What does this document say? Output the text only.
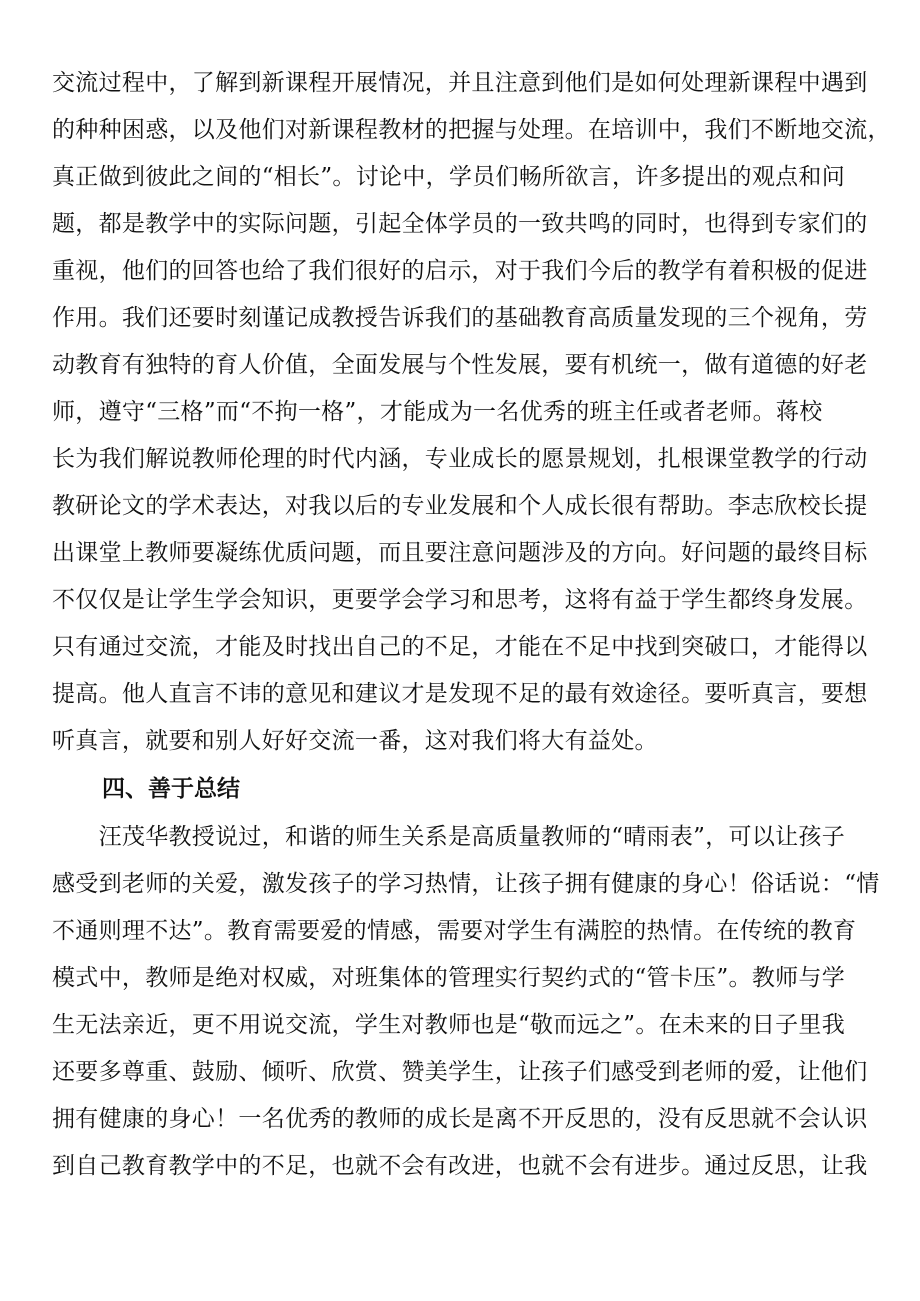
交流过程中，了解到新课程开展情况，并且注意到他们是如何处理新课程中遇到
的种种困惑，以及他们对新课程教材的把握与处理。在培训中，我们不断地交流，
真正做到彼此之间的“相长”。讨论中，学员们畅所欲言，许多提出的观点和问
题，都是教学中的实际问题，引起全体学员的一致共鸣的同时，也得到专家们的
重视，他们的回答也给了我们很好的启示，对于我们今后的教学有着积极的促进
作用。我们还要时刻谨记成教授告诉我们的基础教育高质量发现的三个视角，劳
动教育有独特的育人价值，全面发展与个性发展，要有机统一，做有道德的好老
师，遵守“三格”而“不拘一格”，才能成为一名优秀的班主任或者老师。蒋校
长为我们解说教师伦理的时代内涵，专业成长的愿景规划，扎根课堂教学的行动
教研论文的学术表达，对我以后的专业发展和个人成长很有帮助。李志欣校长提
出课堂上教师要凝练优质问题，而且要注意问题涉及的方向。好问题的最终目标
不仅仅是让学生学会知识，更要学会学习和思考，这将有益于学生都终身发展。
只有通过交流，才能及时找出自己的不足，才能在不足中找到突破口，才能得以
提高。他人直言不讳的意见和建议才是发现不足的最有效途径。要听真言，要想
听真言，就要和别人好好交流一番，这对我们将大有益处。
四、善于总结
　　汪茂华教授说过，和谐的师生关系是高质量教师的“晴雨表”，可以让孩子
感受到老师的关爱，激发孩子的学习热情，让孩子拥有健康的身心！俗话说：“情
不通则理不达”。教育需要爱的情感，需要对学生有满腔的热情。在传统的教育
模式中，教师是绝对权威，对班集体的管理实行契约式的“管卡压”。教师与学
生无法亲近，更不用说交流，学生对教师也是“敬而远之”。在未来的日子里我
还要多尊重、鼓励、倾听、欣赏、赞美学生，让孩子们感受到老师的爱，让他们
拥有健康的身心！一名优秀的教师的成长是离不开反思的，没有反思就不会认识
到自己教育教学中的不足，也就不会有改进，也就不会有进步。通过反思，让我
